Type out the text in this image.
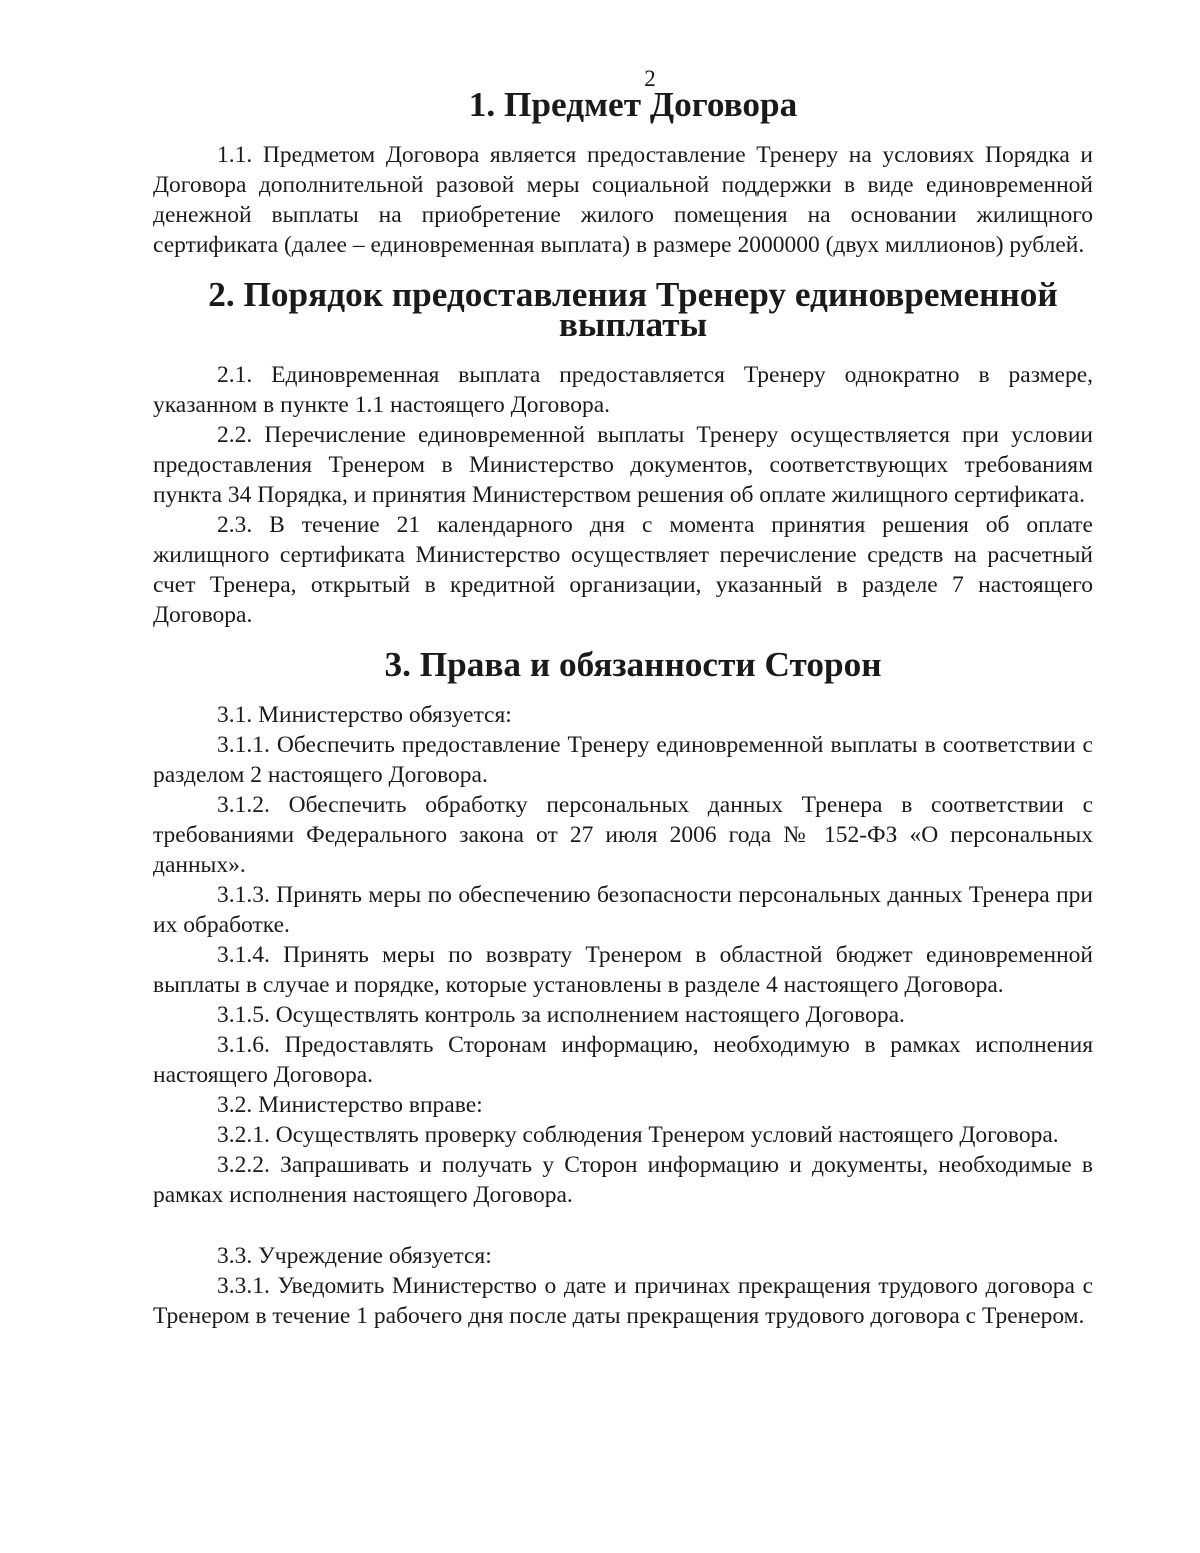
2
1. Предмет Договора

1.1. Предметом Договора является предоставление Тренеру на условиях Порядка и Договора дополнительной разовой меры социальной поддержки в виде единовременной денежной выплаты на приобретение жилого помещения на основании жилищного сертификата (далее – единовременная выплата) в размере 2000000 (двух миллионов) рублей.

2. Порядок предоставления Тренеру единовременной выплаты

2.1. Единовременная выплата предоставляется Тренеру однократно в размере, указанном в пункте 1.1 настоящего Договора.

2.2. Перечисление единовременной выплаты Тренеру осуществляется при условии предоставления Тренером в Министерство документов, соответствующих требованиям пункта 34 Порядка, и принятия Министерством решения об оплате жилищного сертификата.

2.3. В течение 21 календарного дня с момента принятия решения об оплате жилищного сертификата Министерство осуществляет перечисление средств на расчетный счет Тренера, открытый в кредитной организации, указанный в разделе 7 настоящего Договора.

3. Права и обязанности Сторон

3.1. Министерство обязуется:

3.1.1. Обеспечить предоставление Тренеру единовременной выплаты в соответствии с разделом 2 настоящего Договора.

3.1.2. Обеспечить обработку персональных данных Тренера в соответствии с требованиями Федерального закона от 27 июля 2006 года № 152-ФЗ «О персональных данных».

3.1.3. Принять меры по обеспечению безопасности персональных данных Тренера при их обработке.

3.1.4. Принять меры по возврату Тренером в областной бюджет единовременной выплаты в случае и порядке, которые установлены в разделе 4 настоящего Договора.

3.1.5. Осуществлять контроль за исполнением настоящего Договора.

3.1.6. Предоставлять Сторонам информацию, необходимую в рамках исполнения настоящего Договора.

3.2. Министерство вправе:

3.2.1. Осуществлять проверку соблюдения Тренером условий настоящего Договора.

3.2.2. Запрашивать и получать у Сторон информацию и документы, необходимые в рамках исполнения настоящего Договора.

3.3. Учреждение обязуется:

3.3.1. Уведомить Министерство о дате и причинах прекращения трудового договора с Тренером в течение 1 рабочего дня после даты прекращения трудового договора с Тренером.
